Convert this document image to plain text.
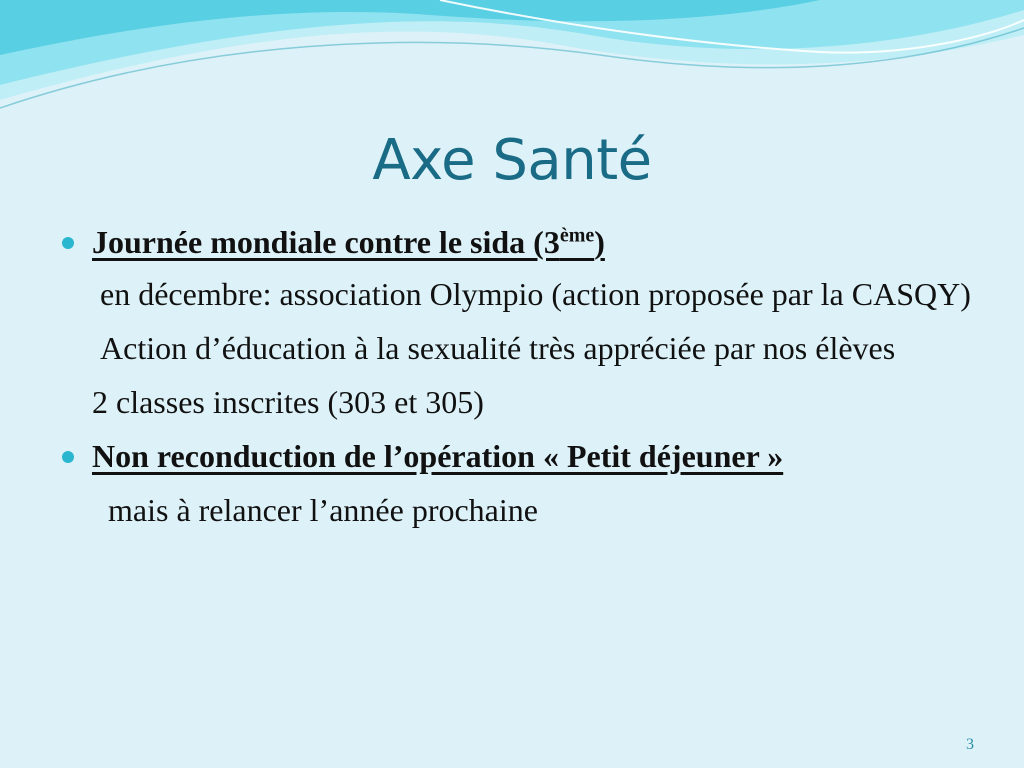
Axe Santé
Journée mondiale contre le sida (3ème)
en décembre: association Olympio (action proposée par la CASQY)
Action d’éducation à la sexualité très appréciée par nos élèves
2 classes inscrites (303 et 305)
Non reconduction de l’opération « Petit déjeuner »
mais à relancer l’année prochaine
3
